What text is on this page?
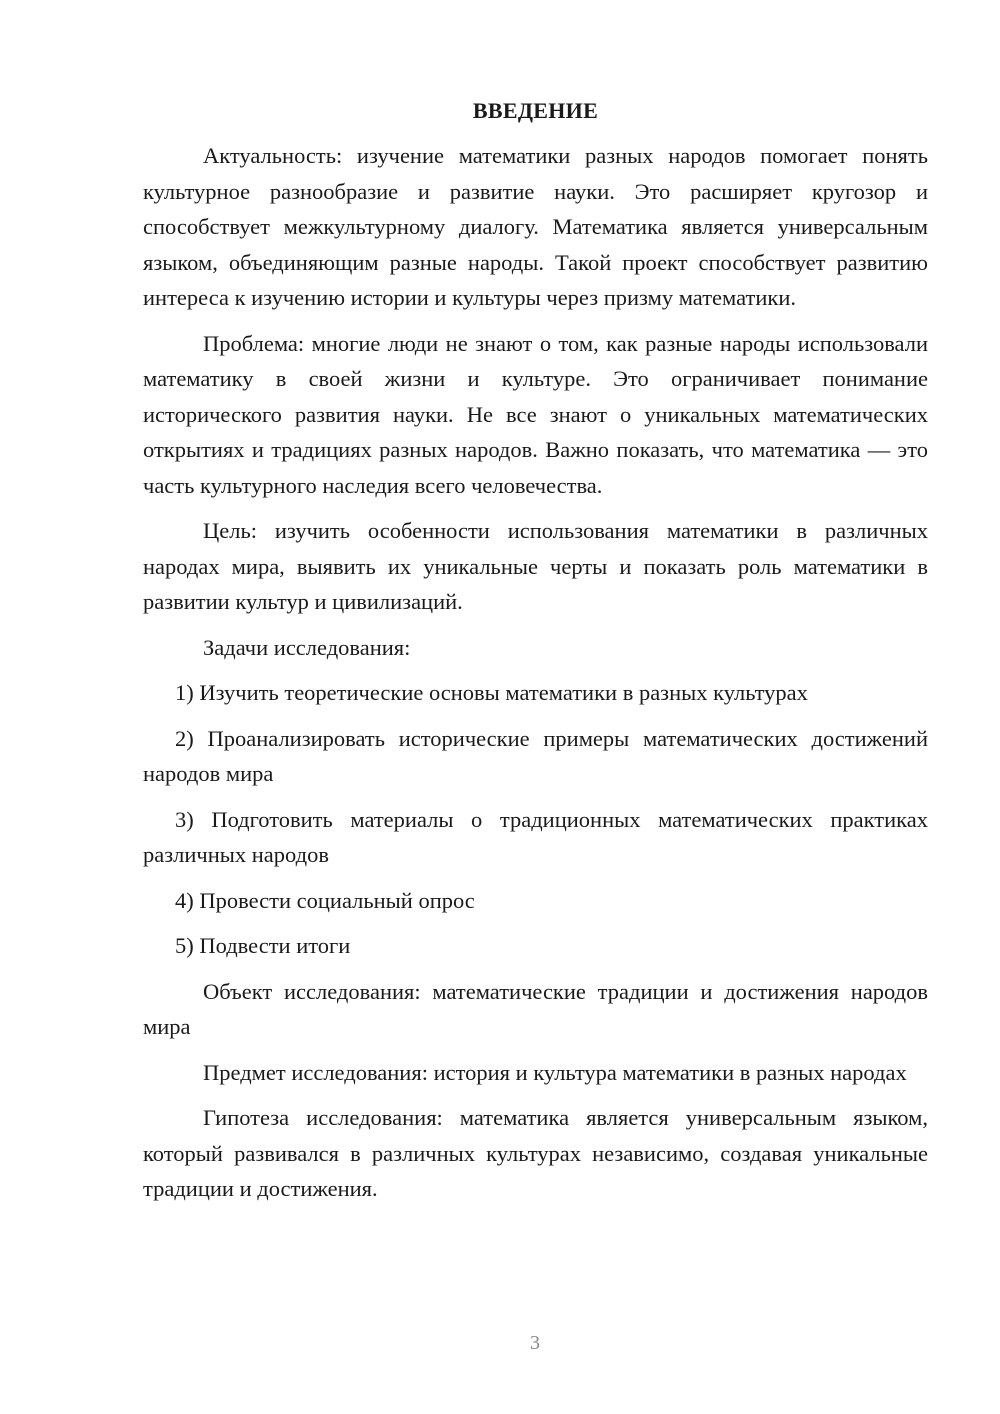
ВВЕДЕНИЕ

Актуальность: изучение математики разных народов помогает понять культурное разнообразие и развитие науки. Это расширяет кругозор и способствует межкультурному диалогу. Математика является универсальным языком, объединяющим разные народы. Такой проект способствует развитию интереса к изучению истории и культуры через призму математики.

Проблема: многие люди не знают о том, как разные народы использовали математику в своей жизни и культуре. Это ограничивает понимание исторического развития науки. Не все знают о уникальных математических открытиях и традициях разных народов. Важно показать, что математика — это часть культурного наследия всего человечества.

Цель: изучить особенности использования математики в различных народах мира, выявить их уникальные черты и показать роль математики в развитии культур и цивилизаций.

Задачи исследования:

1) Изучить теоретические основы математики в разных культурах

2) Проанализировать исторические примеры математических достижений народов мира

3) Подготовить материалы о традиционных математических практиках различных народов

4) Провести социальный опрос

5) Подвести итоги

Объект исследования: математические традиции и достижения народов мира

Предмет исследования: история и культура математики в разных народах

Гипотеза исследования: математика является универсальным языком, который развивался в различных культурах независимо, создавая уникальные традиции и достижения.

3
